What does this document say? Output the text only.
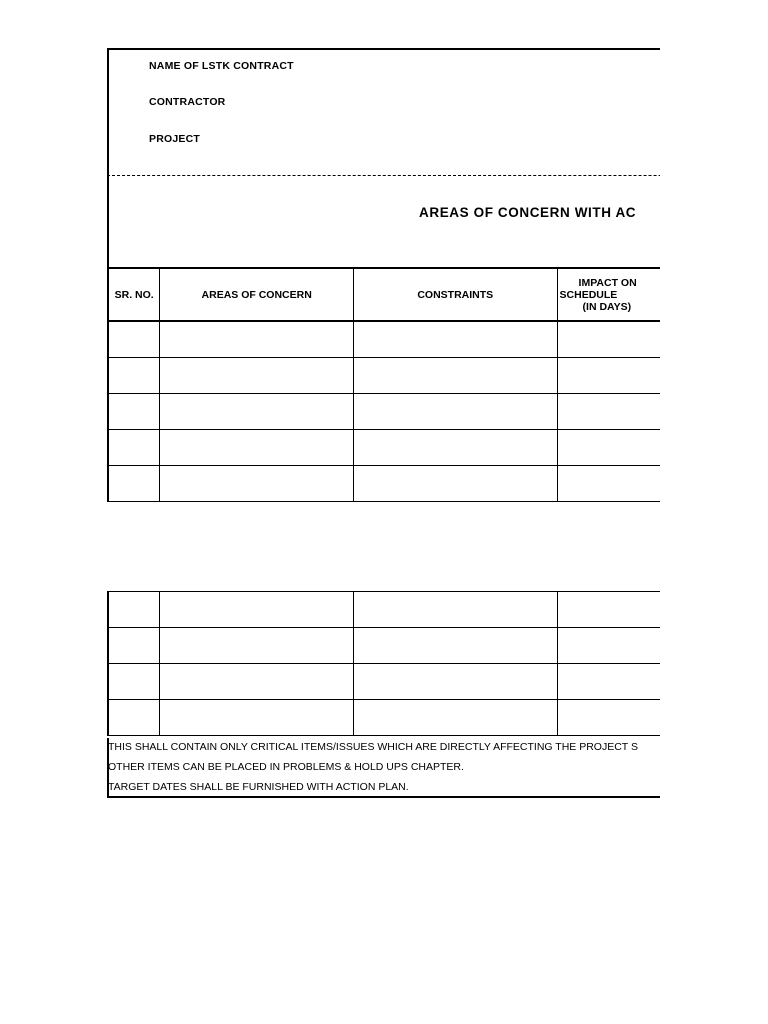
NAME OF LSTK CONTRACT
CONTRACTOR
PROJECT
AREAS OF CONCERN WITH AC
SR. NO.	AREAS OF CONCERN	CONSTRAINTS	IMPACT ON
SCHEDULE
(IN DAYS)

THIS SHALL CONTAIN ONLY CRITICAL ITEMS/ISSUES WHICH ARE DIRECTLY AFFECTING THE PROJECT S
OTHER ITEMS CAN BE PLACED IN PROBLEMS & HOLD UPS CHAPTER.
TARGET DATES SHALL BE FURNISHED WITH ACTION PLAN.
